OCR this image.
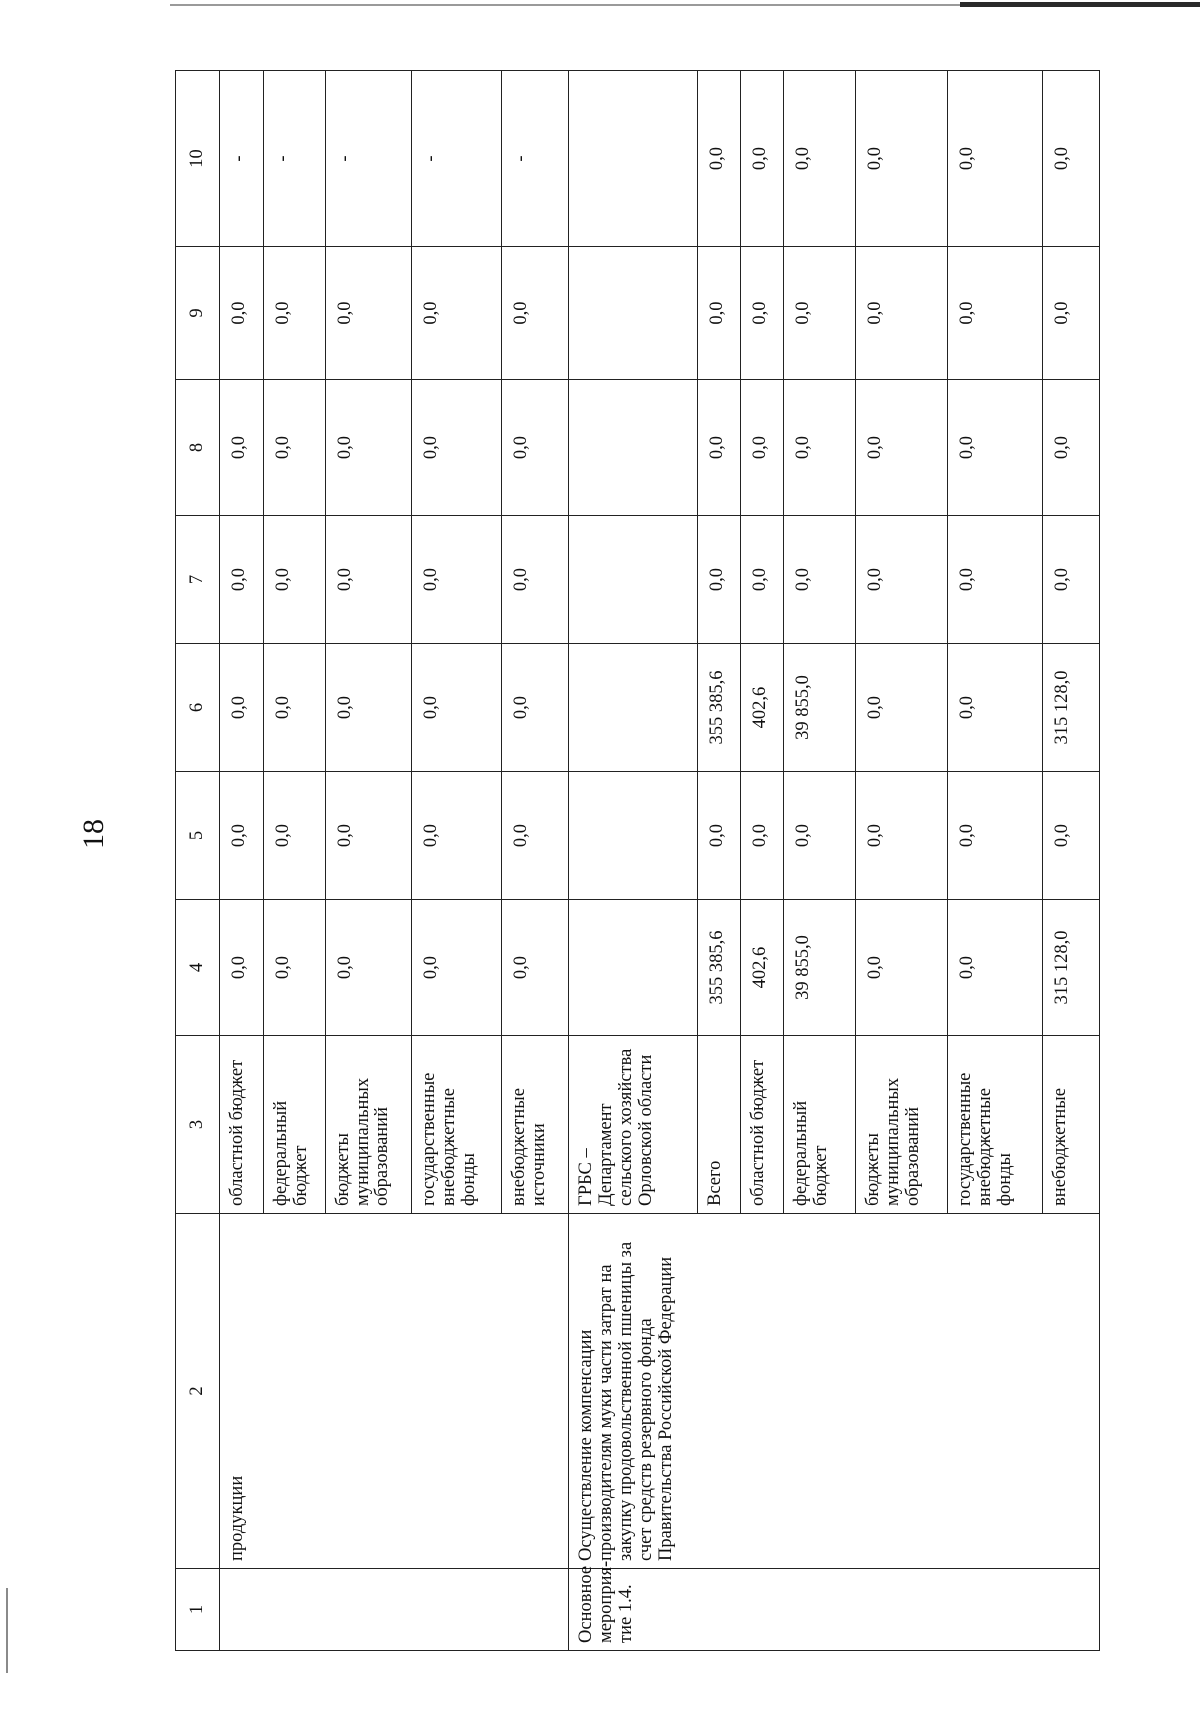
18
1	2	3	4	5	6	7	8	9	10
	продукции	областной бюджет	0,0	0,0	0,0	0,0	0,0	0,0	-
		федеральный бюджет	0,0	0,0	0,0	0,0	0,0	0,0	-
		бюджеты муниципальных образований	0,0	0,0	0,0	0,0	0,0	0,0	-
		государственные внебюджетные фонды	0,0	0,0	0,0	0,0	0,0	0,0	-
		внебюджетные источники	0,0	0,0	0,0	0,0	0,0	0,0	-
Основное мероприя-тие 1.4.	Осуществление компенсации производителям муки части затрат на закупку продовольственной пшеницы за счет средств резервного фонда Правительства Российской Федерации	ГРБС – Департамент сельского хозяйства Орловской области							
		Всего	355 385,6	0,0	355 385,6	0,0	0,0	0,0	0,0
		областной бюджет	402,6	0,0	402,6	0,0	0,0	0,0	0,0
		федеральный бюджет	39 855,0	0,0	39 855,0	0,0	0,0	0,0	0,0
		бюджеты муниципальных образований	0,0	0,0	0,0	0,0	0,0	0,0	0,0
		государственные внебюджетные фонды	0,0	0,0	0,0	0,0	0,0	0,0	0,0
		внебюджетные	315 128,0	0,0	315 128,0	0,0	0,0	0,0	0,0
